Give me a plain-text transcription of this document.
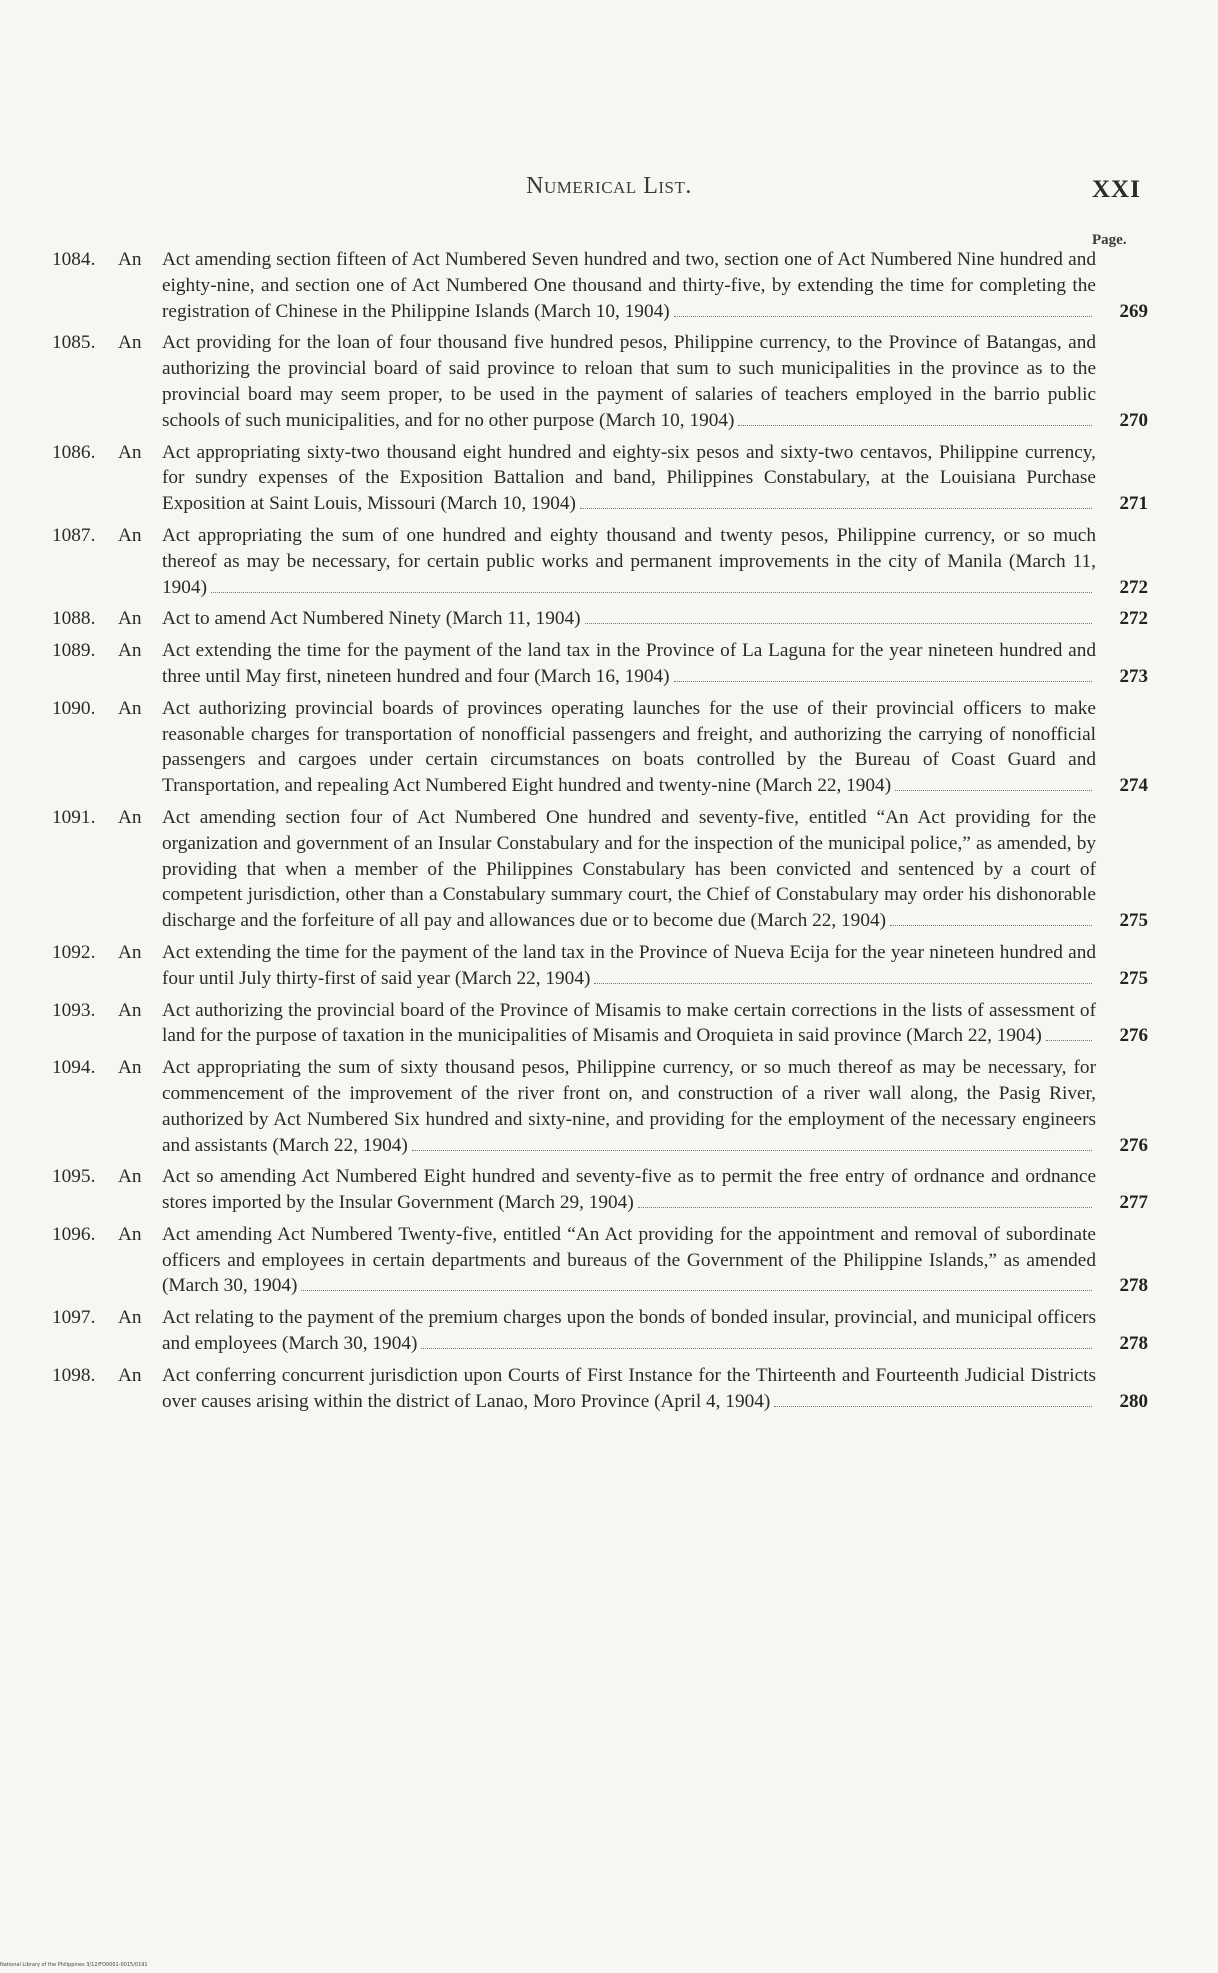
Numerical List.	XXI
Page.
1084. An Act amending section fifteen of Act Numbered Seven hundred and two, section one of Act Numbered Nine hundred and eighty-nine, and section one of Act Numbered One thousand and thirty-five, by extending the time for completing the registration of Chinese in the Philippine Islands (March 10, 1904)	269
1085. An Act providing for the loan of four thousand five hundred pesos, Philippine currency, to the Province of Batangas, and authorizing the provincial board of said province to reloan that sum to such municipalities in the province as to the provincial board may seem proper, to be used in the payment of salaries of teachers employed in the barrio public schools of such municipalities, and for no other purpose (March 10, 1904)	270
1086. An Act appropriating sixty-two thousand eight hundred and eighty-six pesos and sixty-two centavos, Philippine currency, for sundry expenses of the Exposition Battalion and band, Philippines Constabulary, at the Louisiana Purchase Exposition at Saint Louis, Missouri (March 10, 1904)	271
1087. An Act appropriating the sum of one hundred and eighty thousand and twenty pesos, Philippine currency, or so much thereof as may be necessary, for certain public works and permanent improvements in the city of Manila (March 11, 1904)	272
1088. An Act to amend Act Numbered Ninety (March 11, 1904)	272
1089. An Act extending the time for the payment of the land tax in the Province of La Laguna for the year nineteen hundred and three until May first, nineteen hundred and four (March 16, 1904)	273
1090. An Act authorizing provincial boards of provinces operating launches for the use of their provincial officers to make reasonable charges for transportation of nonofficial passengers and freight, and authorizing the carrying of nonofficial passengers and cargoes under certain circumstances on boats controlled by the Bureau of Coast Guard and Transportation, and repealing Act Numbered Eight hundred and twenty-nine (March 22, 1904)	274
1091. An Act amending section four of Act Numbered One hundred and seventy-five, entitled “An Act providing for the organization and government of an Insular Constabulary and for the inspection of the municipal police,” as amended, by providing that when a member of the Philippines Constabulary has been convicted and sentenced by a court of competent jurisdiction, other than a Constabulary summary court, the Chief of Constabulary may order his dishonorable discharge and the forfeiture of all pay and allowances due or to become due (March 22, 1904)	275
1092. An Act extending the time for the payment of the land tax in the Province of Nueva Ecija for the year nineteen hundred and four until July thirty-first of said year (March 22, 1904)	275
1093. An Act authorizing the provincial board of the Province of Misamis to make certain corrections in the lists of assessment of land for the purpose of taxation in the municipalities of Misamis and Oroquieta in said province (March 22, 1904)	276
1094. An Act appropriating the sum of sixty thousand pesos, Philippine currency, or so much thereof as may be necessary, for commencement of the improvement of the river front on, and construction of a river wall along, the Pasig River, authorized by Act Numbered Six hundred and sixty-nine, and providing for the employment of the necessary engineers and assistants (March 22, 1904)	276
1095. An Act so amending Act Numbered Eight hundred and seventy-five as to permit the free entry of ordnance and ordnance stores imported by the Insular Government (March 29, 1904)	277
1096. An Act amending Act Numbered Twenty-five, entitled “An Act providing for the appointment and removal of subordinate officers and employees in certain departments and bureaus of the Government of the Philippine Islands,” as amended (March 30, 1904)	278
1097. An Act relating to the payment of the premium charges upon the bonds of bonded insular, provincial, and municipal officers and employees (March 30, 1904)	278
1098. An Act conferring concurrent jurisdiction upon Courts of First Instance for the Thirteenth and Fourteenth Judicial Districts over causes arising within the district of Lanao, Moro Province (April 4, 1904)	280
National Library of the Philippines 3/12/FO0001-0015/0191
